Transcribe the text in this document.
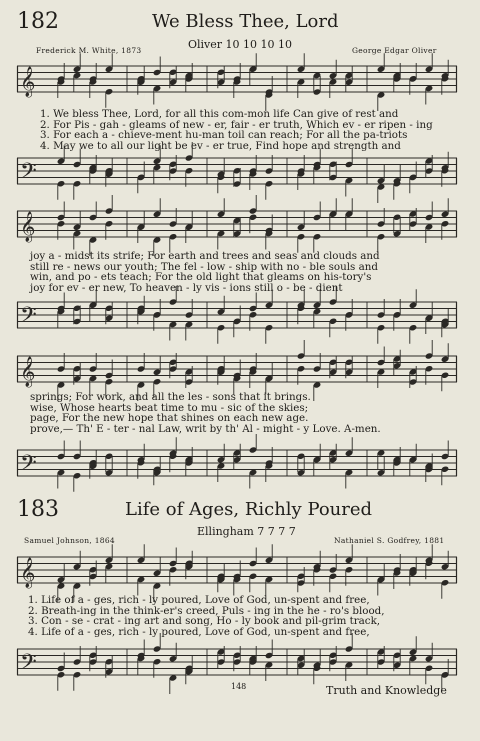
182	We Bless Thee, Lord
Oliver 10 10 10 10
Frederick M. White, 1873	George Edgar Oliver
𝄞
1. We bless Thee, Lord, for all this com-mon life Can give of rest and
2. For Pis - gah - gleams of new - er, fair - er truth, Which ev - er ripen - ing
3. For each a - chieve-ment hu-man toil can reach; For all the pa-triots
4. May we to all our light be ev - er true, Find hope and strength and
𝄢
𝄞
joy a - midst its strife; For earth and trees and seas and clouds and
still re - news our youth; The fel - low - ship with no - ble souls and
win, and po - ets teach; For the old light that gleams on his-tory's
joy for ev - er new, To heaven - ly vis - ions still o - be - dient
𝄢
𝄞
springs; For work, and all the les - sons that it brings.
wise, Whose hearts beat time to mu - sic of the skies;
page, For the new hope that shines on each new age.
prove,— Th' E - ter - nal Law, writ by th' Al - might - y Love. A-men.
𝄢
183	Life of Ages, Richly Poured
Ellingham 7 7 7 7
Samuel Johnson, 1864	Nathaniel S. Godfrey, 1881
𝄞
1. Life of a - ges, rich - ly poured, Love of God, un-spent and free,
2. Breath-ing in the think-er's creed, Puls - ing in the he - ro's blood,
3. Con - se - crat - ing art and song, Ho - ly book and pil-grim track,
4. Life of a - ges, rich - ly poured, Love of God, un-spent and free,
𝄢
148	Truth and Knowledge
